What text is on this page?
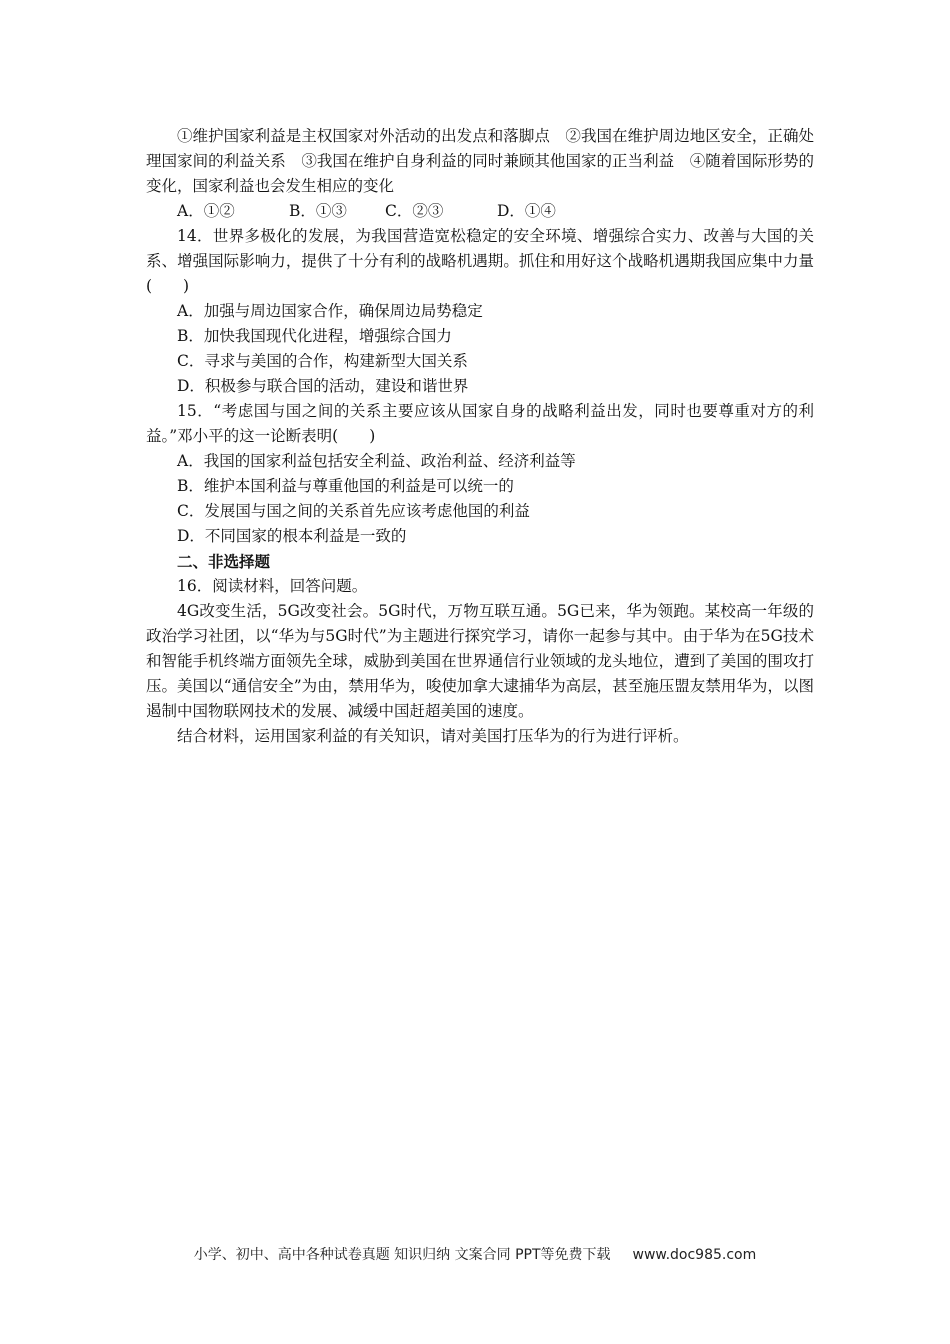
①维护国家利益是主权国家对外活动的出发点和落脚点　②我国在维护周边地区安全，正确处理国家间的利益关系　③我国在维护自身利益的同时兼顾其他国家的正当利益　④随着国际形势的变化，国家利益也会发生相应的变化

A．①②	B．①③ C．②③	D．①④

14．世界多极化的发展，为我国营造宽松稳定的安全环境、增强综合实力、改善与大国的关系、增强国际影响力，提供了十分有利的战略机遇期。抓住和用好这个战略机遇期我国应集中力量(　　)

A．加强与周边国家合作，确保周边局势稳定

B．加快我国现代化进程，增强综合国力

C．寻求与美国的合作，构建新型大国关系

D．积极参与联合国的活动，建设和谐世界

15．“考虑国与国之间的关系主要应该从国家自身的战略利益出发，同时也要尊重对方的利益。”邓小平的这一论断表明(　　)

A．我国的国家利益包括安全利益、政治利益、经济利益等

B．维护本国利益与尊重他国的利益是可以统一的

C．发展国与国之间的关系首先应该考虑他国的利益

D．不同国家的根本利益是一致的

二、非选择题

16．阅读材料，回答问题。

4G改变生活，5G改变社会。5G时代，万物互联互通。5G已来，华为领跑。某校高一年级的政治学习社团，以“华为与5G时代”为主题进行探究学习，请你一起参与其中。由于华为在5G技术和智能手机终端方面领先全球，威胁到美国在世界通信行业领域的龙头地位，遭到了美国的围攻打压。美国以“通信安全”为由，禁用华为，唆使加拿大逮捕华为高层，甚至施压盟友禁用华为，以图遏制中国物联网技术的发展、减缓中国赶超美国的速度。

结合材料，运用国家利益的有关知识，请对美国打压华为的行为进行评析。

小学、初中、高中各种试卷真题 知识归纳 文案合同 PPT等免费下载 www.doc985.com
